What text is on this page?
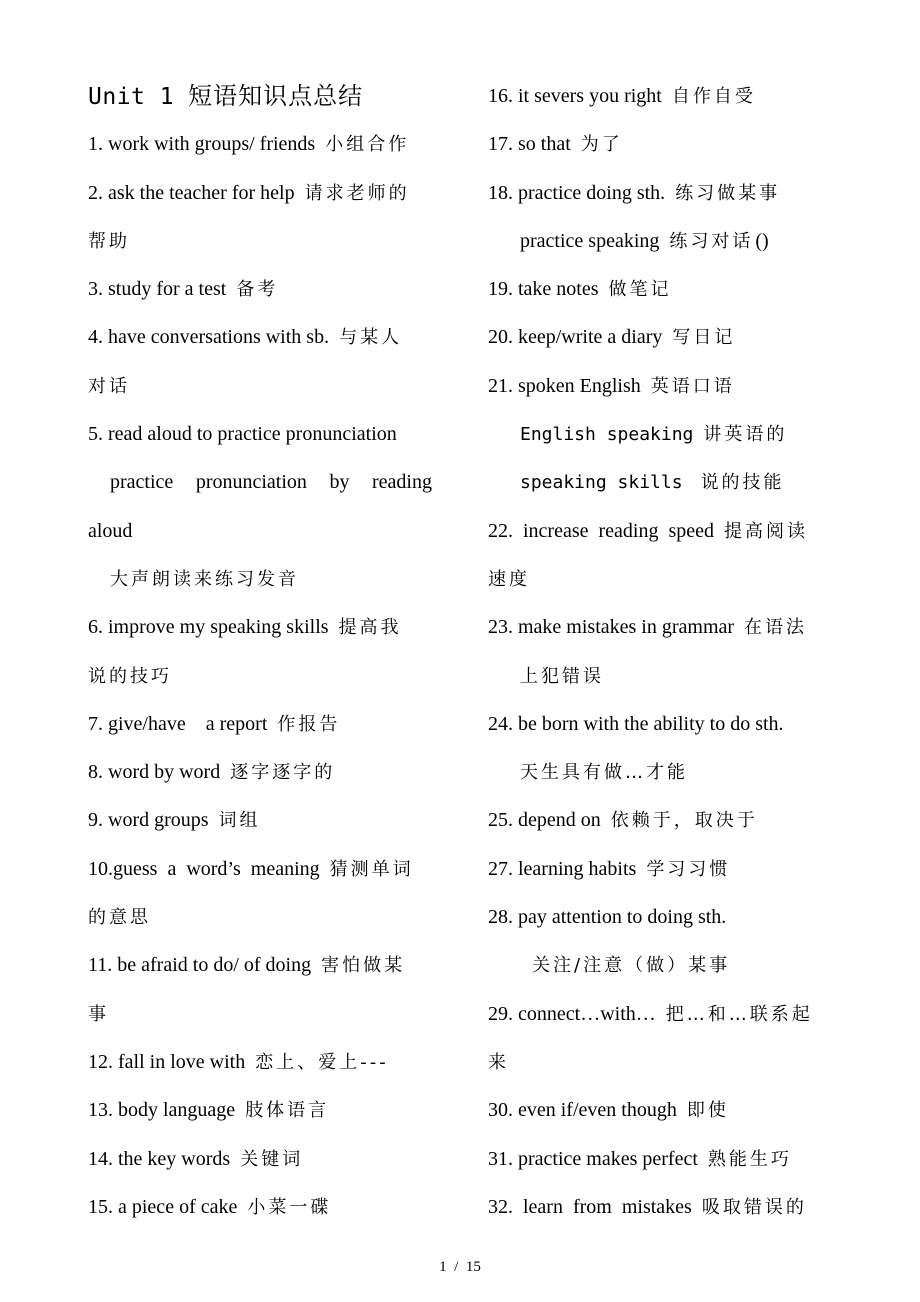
Unit 1 短语知识点总结
1. work with groups/ friends 小组合作
2. ask the teacher for help 请求老师的
帮助
3. study for a test 备考
4. have conversations with sb. 与某人
对话
5. read aloud to practice pronunciation
practice pronunciation by reading
aloud
大声朗读来练习发音
6. improve my speaking skills 提高我
说的技巧
7. give/have    a report 作报告
8. word by word 逐字逐字的
9. word groups 词组
10.guess  a  word’s  meaning 猜测单词
的意思
11. be afraid to do/ of doing 害怕做某
事
12. fall in love with 恋上、爱上--‐
13. body language 肢体语言
14. the key words 关键词
15. a piece of cake 小菜一碟
16. it severs you right 自作自受
17. so that 为了
18. practice doing sth. 练习做某事
practice speaking 练习对话 ()
19. take notes 做笔记
20. keep/write a diary 写日记
21. spoken English 英语口语
English speaking 讲英语的
speaking skills 说的技能
22.  increase  reading  speed 提高阅读
速度
23. make mistakes in grammar 在语法
上犯错误
24. be born with the ability to do sth.
天生具有做…才能
25. depend on 依赖于，取决于
27. learning habits 学习习惯
28. pay attention to doing sth.
关注/注意（做）某事
29. connect…with… 把…和…联系起
来
30. even if/even though 即使
31. practice makes perfect 熟能生巧
32.  learn  from  mistakes 吸取错误的
1  /  15
